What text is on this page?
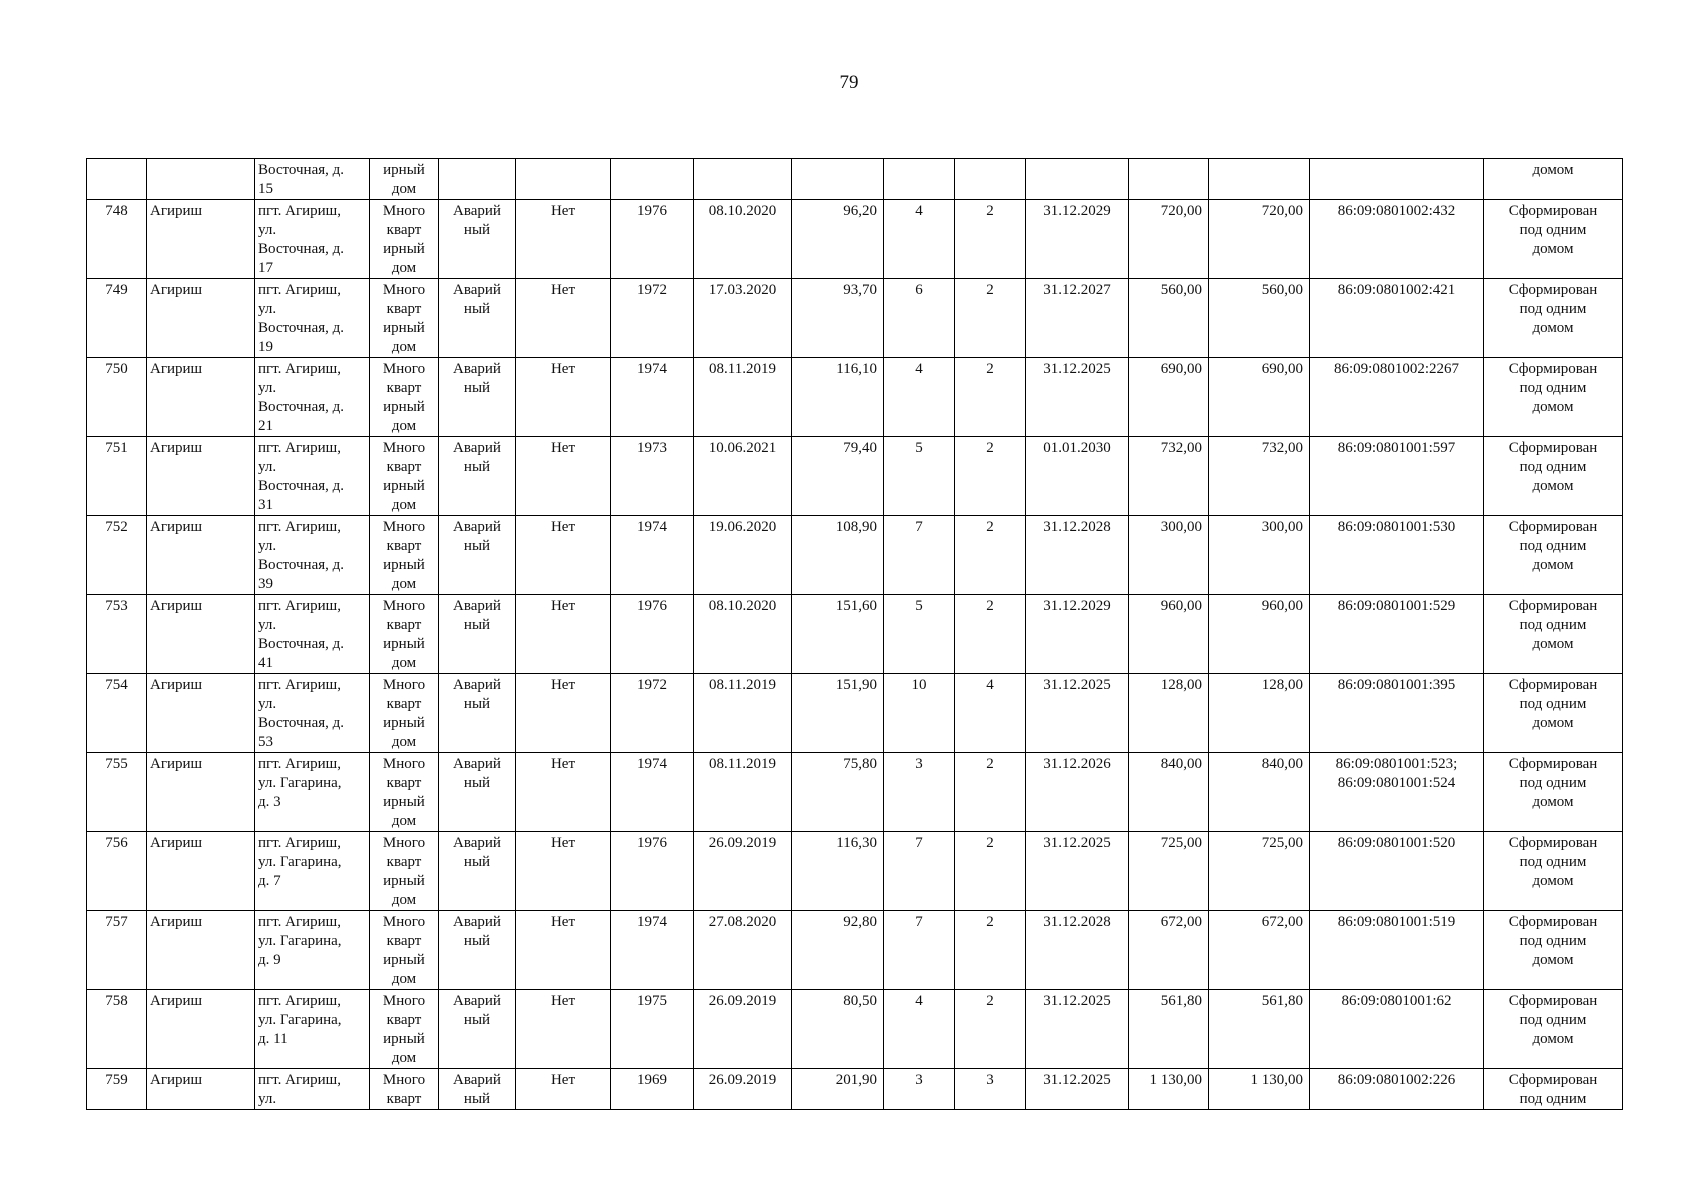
79
		Восточная, д.
15	ирный
дом												домом
748	Агириш	пгт. Агириш,
ул.
Восточная, д.
17	Много
кварт
ирный
дом	Аварий
ный	Нет	1976	08.10.2020	96,20	4	2	31.12.2029	720,00	720,00	86:09:0801002:432	Сформирован
под одним
домом
749	Агириш	пгт. Агириш,
ул.
Восточная, д.
19	Много
кварт
ирный
дом	Аварий
ный	Нет	1972	17.03.2020	93,70	6	2	31.12.2027	560,00	560,00	86:09:0801002:421	Сформирован
под одним
домом
750	Агириш	пгт. Агириш,
ул.
Восточная, д.
21	Много
кварт
ирный
дом	Аварий
ный	Нет	1974	08.11.2019	116,10	4	2	31.12.2025	690,00	690,00	86:09:0801002:2267	Сформирован
под одним
домом
751	Агириш	пгт. Агириш,
ул.
Восточная, д.
31	Много
кварт
ирный
дом	Аварий
ный	Нет	1973	10.06.2021	79,40	5	2	01.01.2030	732,00	732,00	86:09:0801001:597	Сформирован
под одним
домом
752	Агириш	пгт. Агириш,
ул.
Восточная, д.
39	Много
кварт
ирный
дом	Аварий
ный	Нет	1974	19.06.2020	108,90	7	2	31.12.2028	300,00	300,00	86:09:0801001:530	Сформирован
под одним
домом
753	Агириш	пгт. Агириш,
ул.
Восточная, д.
41	Много
кварт
ирный
дом	Аварий
ный	Нет	1976	08.10.2020	151,60	5	2	31.12.2029	960,00	960,00	86:09:0801001:529	Сформирован
под одним
домом
754	Агириш	пгт. Агириш,
ул.
Восточная, д.
53	Много
кварт
ирный
дом	Аварий
ный	Нет	1972	08.11.2019	151,90	10	4	31.12.2025	128,00	128,00	86:09:0801001:395	Сформирован
под одним
домом
755	Агириш	пгт. Агириш,
ул. Гагарина,
д. 3	Много
кварт
ирный
дом	Аварий
ный	Нет	1974	08.11.2019	75,80	3	2	31.12.2026	840,00	840,00	86:09:0801001:523;
86:09:0801001:524	Сформирован
под одним
домом
756	Агириш	пгт. Агириш,
ул. Гагарина,
д. 7	Много
кварт
ирный
дом	Аварий
ный	Нет	1976	26.09.2019	116,30	7	2	31.12.2025	725,00	725,00	86:09:0801001:520	Сформирован
под одним
домом
757	Агириш	пгт. Агириш,
ул. Гагарина,
д. 9	Много
кварт
ирный
дом	Аварий
ный	Нет	1974	27.08.2020	92,80	7	2	31.12.2028	672,00	672,00	86:09:0801001:519	Сформирован
под одним
домом
758	Агириш	пгт. Агириш,
ул. Гагарина,
д. 11	Много
кварт
ирный
дом	Аварий
ный	Нет	1975	26.09.2019	80,50	4	2	31.12.2025	561,80	561,80	86:09:0801001:62	Сформирован
под одним
домом
759	Агириш	пгт. Агириш,
ул.	Много
кварт	Аварий
ный	Нет	1969	26.09.2019	201,90	3	3	31.12.2025	1 130,00	1 130,00	86:09:0801002:226	Сформирован
под одним
